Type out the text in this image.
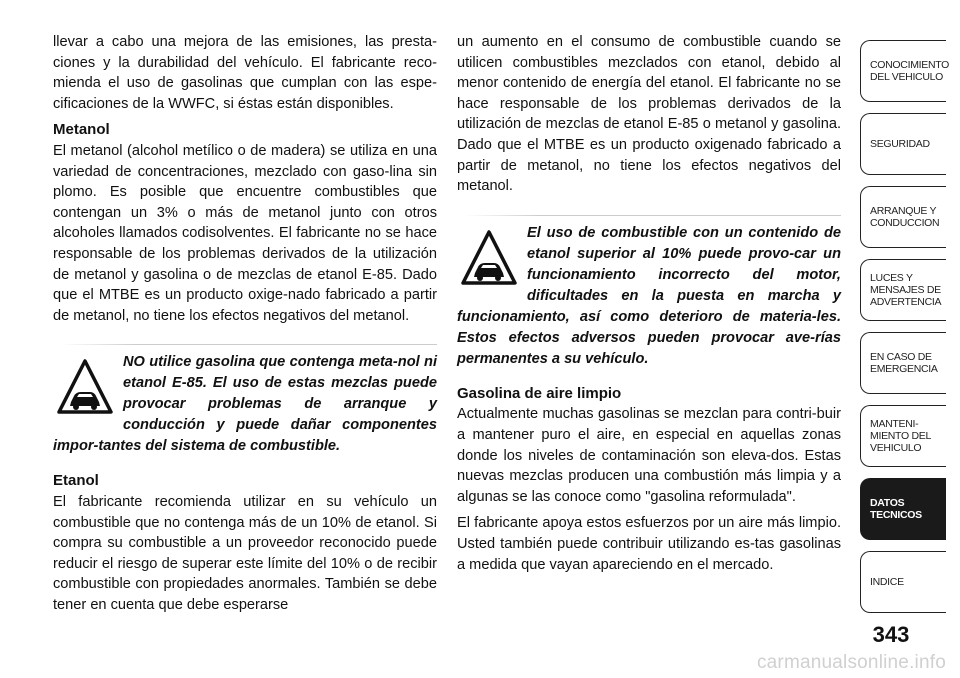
llevar a cabo una mejora de las emisiones, las presta-ciones y la durabilidad del vehículo. El fabricante reco-mienda el uso de gasolinas que cumplan con las espe-cificaciones de la WWFC, si éstas están disponibles.

Metanol

El metanol (alcohol metílico o de madera) se utiliza en una variedad de concentraciones, mezclado con gaso-lina sin plomo. Es posible que encuentre combustibles que contengan un 3% o más de metanol junto con otros alcoholes llamados codisolventes. El fabricante no se hace responsable de los problemas derivados de la utilización de metanol y gasolina o de mezclas de etanol E-85. Dado que el MTBE es un producto oxige-nado fabricado a partir de metanol, no tiene los efectos negativos del metanol.

NO utilice gasolina que contenga meta-nol ni etanol E-85. El uso de estas mezclas puede provocar problemas de arranque y conducción y puede dañar componentes impor-tantes del sistema de combustible.

Etanol

El fabricante recomienda utilizar en su vehículo un combustible que no contenga más de un 10% de etanol. Si compra su combustible a un proveedor reconocido puede reducir el riesgo de superar este límite del 10% o de recibir combustible con propiedades anormales. También se debe tener en cuenta que debe esperarse

un aumento en el consumo de combustible cuando se utilicen combustibles mezclados con etanol, debido al menor contenido de energía del etanol. El fabricante no se hace responsable de los problemas derivados de la utilización de mezclas de etanol E-85 o metanol y gasolina. Dado que el MTBE es un producto oxigenado fabricado a partir de metanol, no tiene los efectos negativos del metanol.

El uso de combustible con un contenido de etanol superior al 10% puede provo-car un funcionamiento incorrecto del motor, dificultades en la puesta en marcha y funcionamiento, así como deterioro de materia-les. Estos efectos adversos pueden provocar ave-rías permanentes a su vehículo.

Gasolina de aire limpio

Actualmente muchas gasolinas se mezclan para contri-buir a mantener puro el aire, en especial en aquellas zonas donde los niveles de contaminación son eleva-dos. Estas nuevas mezclas producen una combustión más limpia y a algunas se las conoce como "gasolina reformulada".

El fabricante apoya estos esfuerzos por un aire más limpio. Usted también puede contribuir utilizando es-tas gasolinas a medida que vayan apareciendo en el mercado.

CONOCIMIENTO
DEL VEHICULO
SEGURIDAD
ARRANQUE Y
CONDUCCION
LUCES Y
MENSAJES DE
ADVERTENCIA
EN CASO DE
EMERGENCIA
MANTENI-
MIENTO DEL
VEHICULO
DATOS
TECNICOS
INDICE
343
carmanualsonline.info
